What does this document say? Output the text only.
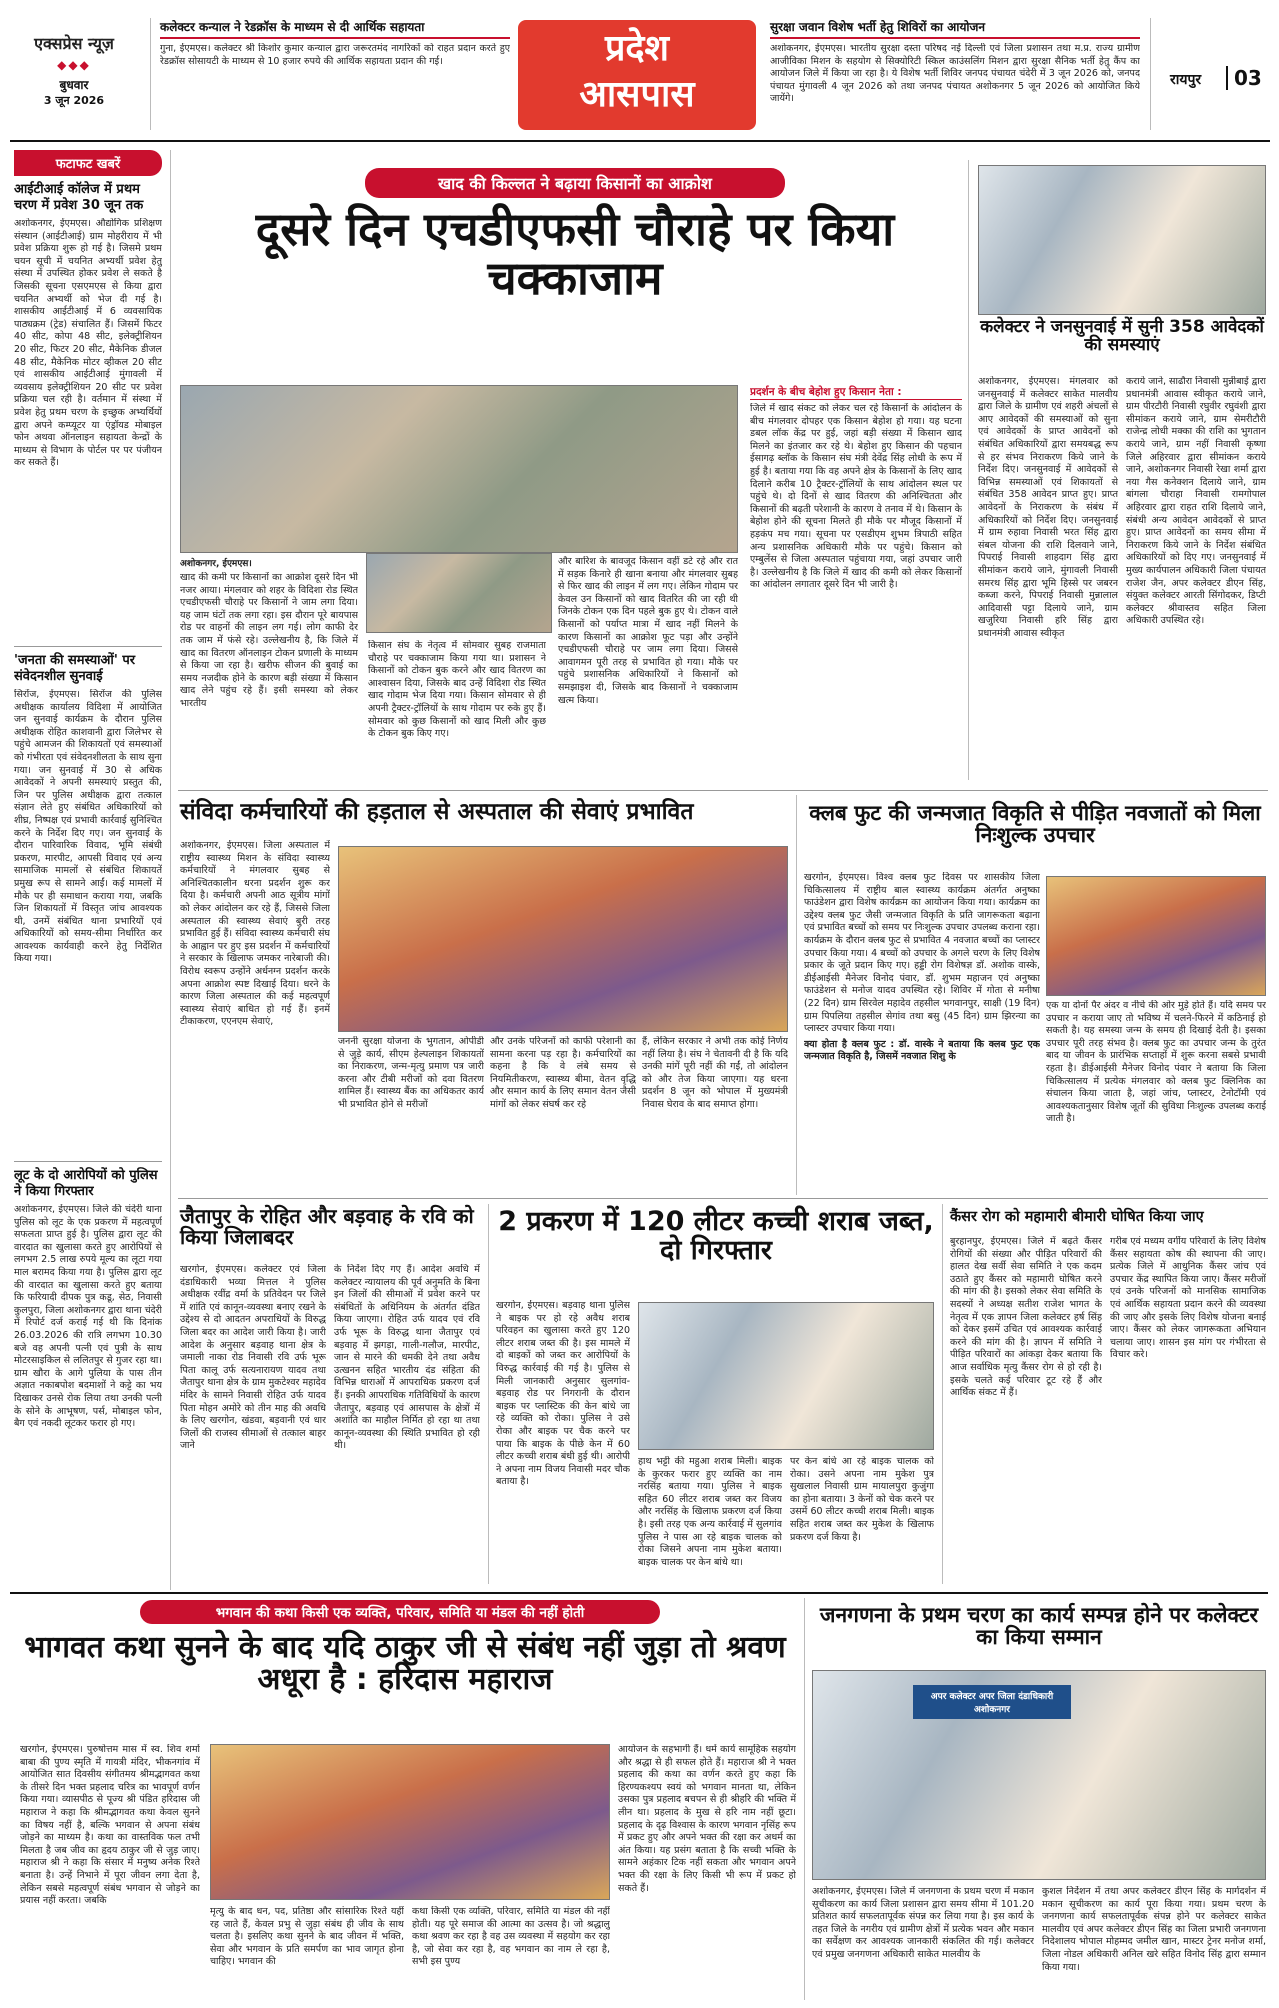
एक्सप्रेस न्यूज़
◆◆◆
बुधवार
3 जून 2026
कलेक्टर कन्याल ने रेडक्रॉस के माध्यम से दी आर्थिक सहायता
गुना, ईएमएस। कलेक्टर श्री किशोर कुमार कन्याल द्वारा जरूरतमंद नागरिकों को राहत प्रदान करते हुए रेडक्रॉस सोसायटी के माध्यम से 10 हजार रुपये की आर्थिक सहायता प्रदान की गई।	प्रदेश
आसपास
सुरक्षा जवान विशेष भर्ती हेतु शिविरों का आयोजन
अशोकनगर, ईएमएस। भारतीय सुरक्षा दस्ता परिषद नई दिल्ली एवं जिला प्रशासन तथा म.प्र. राज्य ग्रामीण आजीविका मिशन के सहयोग से सिक्योरिटी स्किल काउंसलिंग मिशन द्वारा सुरक्षा सैनिक भर्ती हेतु कैंप का आयोजन जिले में किया जा रहा है। ये विशेष भर्ती शिविर जनपद पंचायत चंदेरी में 3 जून 2026 को, जनपद पंचायत मुंगावली 4 जून 2026 को तथा जनपद पंचायत अशोकनगर 5 जून 2026 को आयोजित किये जायेंगे।
रायपुर	03
फटाफट खबरें
आईटीआई कॉलेज में प्रथम चरण में प्रवेश 30 जून तक
अशोकनगर, ईएमएस। औद्योगिक प्रशिक्षण संस्थान (आईटीआई) ग्राम मोहरीराय में भी प्रवेश प्रक्रिया शुरू हो गई है। जिसमे प्रथम चयन सूची में चयनित अभ्यर्थी प्रवेश हेतु संस्था में उपस्थित होकर प्रवेश ले सकते है जिसकी सूचना एसएमएस से किया द्वारा चयनित अभ्यर्थी को भेज दी गई है। शासकीय आईटीआई में 6 व्यवसायिक पाठ्यक्रम (ट्रेड) संचालित हैं। जिसमें फिटर 40 सीट, कोपा 48 सीट, इलेक्ट्रीशियन 20 सीट, फिटर 20 सीट, मैकेनिक डीजल 48 सीट, मैकेनिक मोटर व्हीकल 20 सीट एवं शासकीय आईटीआई मुंगावली में व्यवसाय इलेक्ट्रीशियन 20 सीट पर प्रवेश प्रक्रिया चल रही है। वर्तमान में संस्था में प्रवेश हेतु प्रथम चरण के इच्छुक अभ्यर्थियों द्वारा अपने कम्प्यूटर या एंड्रॉयड मोबाइल फोन अथवा ऑनलाइन सहायता केन्द्रों के माध्यम से विभाग के पोर्टल पर पर पंजीयन कर सकते हैं।
'जनता की समस्याओं' पर संवेदनशील सुनवाई
सिरोंज, ईएमएस। सिरोंज की पुलिस अधीक्षक कार्यालय विदिशा में आयोजित जन सुनवाई कार्यक्रम के दौरान पुलिस अधीक्षक रोहित काशवानी द्वारा जिलेभर से पहुंचे आमजन की शिकायतों एवं समस्याओं को गंभीरता एवं संवेदनशीलता के साथ सुना गया। जन सुनवाई में 30 से अधिक आवेदकों ने अपनी समस्याएं प्रस्तुत की, जिन पर पुलिस अधीक्षक द्वारा तत्काल संज्ञान लेते हुए संबंधित अधिकारियों को शीघ्र, निष्पक्ष एवं प्रभावी कार्रवाई सुनिश्चित करने के निर्देश दिए गए। जन सुनवाई के दौरान पारिवारिक विवाद, भूमि संबंधी प्रकरण, मारपीट, आपसी विवाद एवं अन्य सामाजिक मामलों से संबंधित शिकायतें प्रमुख रूप से सामने आईं। कई मामलों में मौके पर ही समाधान कराया गया, जबकि जिन शिकायतों में विस्तृत जांच आवश्यक थी, उनमें संबंधित थाना प्रभारियों एवं अधिकारियों को समय-सीमा निर्धारित कर आवश्यक कार्यवाही करने हेतु निर्देशित किया गया।
लूट के दो आरोपियों को पुलिस ने किया गिरफ्तार
अशोकनगर, ईएमएस। जिले की चंदेरी थाना पुलिस को लूट के एक प्रकरण में महत्वपूर्ण सफलता प्राप्त हुई है। पुलिस द्वारा लूट की वारदात का खुलासा करते हुए आरोपियों से लगभग 2.5 लाख रुपये मूल्य का लूटा गया माल बरामद किया गया है। पुलिस द्वारा लूट की वारदात का खुलासा करते हुए बताया कि फरियादी दीपक पुत्र कडू, सेठ, निवासी कुलपुरा, जिला अशोकनगर द्वारा थाना चंदेरी में रिपोर्ट दर्ज कराई गई थी कि दिनांक 26.03.2026 की रात्रि लगभग 10.30 बजे वह अपनी पत्नी एवं पुत्री के साथ मोटरसाइकिल से ललितपुर से गुजर रहा था। ग्राम खौरा के आगे पुलिया के पास तीन अज्ञात नकाबपोश बदमाशों ने कट्टे का भय दिखाकर उनसे रोक लिया तथा उनकी पत्नी के सोने के आभूषण, पर्स, मोबाइल फोन, बैग एवं नकदी लूटकर फरार हो गए।
खाद की किल्लत ने बढ़ाया किसानों का आक्रोश
दूसरे दिन एचडीएफसी चौराहे पर किया चक्काजाम
अशोकनगर, ईएमएस।
प्रदर्शन के बीच बेहोश हुए किसान नेता :
जिले में खाद संकट को लेकर चल रहे किसानों के आंदोलन के बीच मंगलवार दोपहर एक किसान बेहोश हो गया। यह घटना डबल लॉक केंद्र पर हुई, जहां बड़ी संख्या में किसान खाद मिलने का इंतजार कर रहे थे। बेहोश हुए किसान की पहचान ईसागढ़ ब्लॉक के किसान संघ मंत्री देवेंद्र सिंह लोधी के रूप में हुई है। बताया गया कि वह अपने क्षेत्र के किसानों के लिए खाद दिलाने करीब 10 ट्रैक्टर-ट्रॉलियों के साथ आंदोलन स्थल पर पहुंचे थे। दो दिनों से खाद वितरण की अनिश्चितता और किसानों की बढ़ती परेशानी के कारण वे तनाव में थे। किसान के बेहोश होने की सूचना मिलते ही मौके पर मौजूद किसानों में हड़कंप मच गया। सूचना पर एसडीएम शुभम त्रिपाठी सहित अन्य प्रशासनिक अधिकारी मौके पर पहुंचे। किसान को एम्बुलेंस से जिला अस्पताल पहुंचाया गया, जहां उपचार जारी है। उल्लेखनीय है कि जिले में खाद की कमी को लेकर किसानों का आंदोलन लगातार दूसरे दिन भी जारी है।
खाद की कमी पर किसानों का आक्रोश दूसरे दिन भी नजर आया। मंगलवार को शहर के विदिशा रोड स्थित एचडीएफसी चौराहे पर किसानों ने जाम लगा दिया। यह जाम घंटों तक लगा रहा। इस दौरान पूरे बायपास रोड पर वाहनों की लाइन लग गई। लोग काफी देर तक जाम में फंसे रहे। उल्लेखनीय है, कि जिले में खाद का वितरण ऑनलाइन टोकन प्रणाली के माध्यम से किया जा रहा है। खरीफ सीजन की बुवाई का समय नजदीक होने के कारण बड़ी संख्या में किसान खाद लेने पहुंच रहे हैं। इसी समस्या को लेकर भारतीय
किसान संघ के नेतृत्व में सोमवार सुबह राजमाता चौराहे पर चक्काजाम किया गया था। प्रशासन ने किसानों को टोकन बुक करने और खाद वितरण का आश्वासन दिया, जिसके बाद उन्हें विदिशा रोड स्थित खाद गोदाम भेज दिया गया। किसान सोमवार से ही अपनी ट्रैक्टर-ट्रॉलियों के साथ गोदाम पर रुके हुए हैं। सोमवार को कुछ किसानों को खाद मिली और कुछ के टोकन बुक किए गए।
और बारिश के बावजूद किसान वहीं डटे रहे और रात में सड़क किनारे ही खाना बनाया और मंगलवार सुबह से फिर खाद की लाइन में लग गए। लेकिन गोदाम पर केवल उन किसानों को खाद वितरित की जा रही थी जिनके टोकन एक दिन पहले बुक हुए थे। टोकन वाले किसानों को पर्याप्त मात्रा में खाद नहीं मिलने के कारण किसानों का आक्रोश फूट पड़ा और उन्होंने एचडीएफसी चौराहे पर जाम लगा दिया। जिससे आवागमन पूरी तरह से प्रभावित हो गया। मौके पर पहुंचे प्रशासनिक अधिकारियों ने किसानों को समझाइश दी, जिसके बाद किसानों ने चक्काजाम खत्म किया।
कलेक्टर ने जनसुनवाई में सुनी 358 आवेदकों की समस्याएं
अशोकनगर, ईएमएस। मंगलवार को जनसुनवाई में कलेक्टर साकेत मालवीय द्वारा जिले के ग्रामीण एवं शहरी अंचलों से आए आवेदकों की समस्याओं को सुना एवं आवेदकों के प्राप्त आवेदनों को संबंधित अधिकारियों द्वारा समयबद्ध रूप से हर संभव निराकरण किये जाने के निर्देश दिए। जनसुनवाई में आवेदकों से विभिन्न समस्याओं एवं शिकायतों से संबंधित 358 आवेदन प्राप्त हुए। प्राप्त आवेदनों के निराकरण के संबंध में अधिकारियों को निर्देश दिए। जनसुनवाई में ग्राम रुहावा निवासी भरत सिंह द्वारा संबल योजना की राशि दिलवाने जाने, पिपराई निवासी शाहदाग सिंह द्वारा सीमांकन कराये जाने, मुंगावली निवासी समरथ सिंह द्वारा भूमि हिस्से पर जबरन कब्जा करने, पिपराई निवासी मुन्नालाल आदिवासी पट्टा दिलाये जाने, ग्राम खजुरिया निवासी हरि सिंह द्वारा प्रधानमंत्री आवास स्वीकृत
कराये जाने, साढौरा निवासी मुन्नीबाई द्वारा प्रधानमंत्री आवास स्वीकृत कराये जाने, ग्राम पीरटौरी निवासी रघुवीर रघुवंशी द्वारा सीमांकन कराये जाने, ग्राम सेमरीटौरी राजेन्द्र लोधी मक्का की राशि का भुगतान कराये जाने, ग्राम नहीं निवासी कृष्णा जिले अहिरवार द्वारा सीमांकन कराये जाने, अशोकनगर निवासी रेखा शर्मा द्वारा नया गैस कनेक्शन दिलाये जाने, ग्राम बांगला चौराहा निवासी रामगोपाल अहिरवार द्वारा राहत राशि दिलाये जाने, संबंधी अन्य आवेदन आवेदकों से प्राप्त हुए। प्राप्त आवेदनों का समय सीमा में निराकरण किये जाने के निर्देश संबंधित अधिकारियों को दिए गए। जनसुनवाई में मुख्य कार्यपालन अधिकारी जिला पंचायत राजेश जैन, अपर कलेक्टर डीएन सिंह, संयुक्त कलेक्टर आरती सिंगोदकर, डिप्टी कलेक्टर श्रीवास्तव सहित जिला अधिकारी उपस्थित रहे।
संविदा कर्मचारियों की हड़ताल से अस्पताल की सेवाएं प्रभावित
अशोकनगर, ईएमएस। जिला अस्पताल में राष्ट्रीय स्वास्थ्य मिशन के संविदा स्वास्थ्य कर्मचारियों ने मंगलवार सुबह से अनिश्चितकालीन धरना प्रदर्शन शुरू कर दिया है। कर्मचारी अपनी आठ सूत्रीय मांगों को लेकर आंदोलन कर रहे हैं, जिससे जिला अस्पताल की स्वास्थ्य सेवाएं बुरी तरह प्रभावित हुई हैं। संविदा स्वास्थ्य कर्मचारी संघ के आह्वान पर हुए इस प्रदर्शन में कर्मचारियों ने सरकार के खिलाफ जमकर नारेबाजी की। विरोध स्वरूप उन्होंने अर्धनग्न प्रदर्शन करके अपना आक्रोश स्पष्ट दिखाई दिया। धरने के कारण जिला अस्पताल की कई महत्वपूर्ण स्वास्थ्य सेवाएं बाधित हो गई हैं। इनमें टीकाकरण, एएनएम सेवाएं,
जननी सुरक्षा योजना के भुगतान, ओपीडी से जुड़े कार्य, सीएम हेल्पलाइन शिकायतों का निराकरण, जन्म-मृत्यु प्रमाण पत्र जारी करना और टीबी मरीजों को दवा वितरण शामिल हैं। स्वास्थ्य बैंक का अधिकतर कार्य भी प्रभावित होने से मरीजों
और उनके परिजनों को काफी परेशानी का सामना करना पड़ रहा है। कर्मचारियों का कहना है कि वे लंबे समय से नियमितीकरण, स्वास्थ्य बीमा, वेतन वृद्धि और समान कार्य के लिए समान वेतन जैसी मांगों को लेकर संघर्ष कर रहे
हैं, लेकिन सरकार ने अभी तक कोई निर्णय नहीं लिया है। संघ ने चेतावनी दी है कि यदि उनकी मांगें पूरी नहीं की गईं, तो आंदोलन को और तेज किया जाएगा। यह धरना प्रदर्शन 8 जून को भोपाल में मुख्यमंत्री निवास घेराव के बाद समाप्त होगा।
क्लब फुट की जन्मजात विकृति से पीड़ित नवजातों को मिला निःशुल्क उपचार
खरगोन, ईएमएस। विश्व क्लब फुट दिवस पर शासकीय जिला चिकित्सालय में राष्ट्रीय बाल स्वास्थ्य कार्यक्रम अंतर्गत अनुष्का फाउंडेशन द्वारा विशेष कार्यक्रम का आयोजन किया गया। कार्यक्रम का उद्देश्य क्लब फुट जैसी जन्मजात विकृति के प्रति जागरूकता बढ़ाना एवं प्रभावित बच्चों को समय पर निःशुल्क उपचार उपलब्ध कराना रहा। कार्यक्रम के दौरान क्लब फुट से प्रभावित 4 नवजात बच्चों का प्लास्टर उपचार किया गया। 4 बच्चों को उपचार के अगले चरण के लिए विशेष प्रकार के जूते प्रदान किए गए। हड्डी रोग विशेषज्ञ डॉ. अशोक वास्के, डीईआईसी मैनेजर विनोद पंवार, डॉ. शुभम महाजन एवं अनुष्का फाउंडेशन से मनोज यादव उपस्थित रहे। शिविर में गोता से मनीषा (22 दिन) ग्राम सिरवेल महादेव तहसील भगवानपुर, साक्षी (19 दिन) ग्राम पिपलिया तहसील सेगांव तथा बसु (45 दिन) ग्राम झिरन्या का प्लास्टर उपचार किया गया।
क्या होता है क्लब फुट : डॉ. वास्के ने बताया कि क्लब फुट एक जन्मजात विकृति है, जिसमें नवजात शिशु के
एक या दोनों पैर अंदर व नीचे की ओर मुड़े होते हैं। यदि समय पर उपचार न कराया जाए तो भविष्य में चलने-फिरने में कठिनाई हो सकती है। यह समस्या जन्म के समय ही दिखाई देती है। इसका उपचार पूरी तरह संभव है। क्लब फुट का उपचार जन्म के तुरंत बाद या जीवन के प्रारंभिक सप्ताहों में शुरू करना सबसे प्रभावी रहता है। डीईआईसी मैनेजर विनोद पंवार ने बताया कि जिला चिकित्सालय में प्रत्येक मंगलवार को क्लब फुट क्लिनिक का संचालन किया जाता है, जहां जांच, प्लास्टर, टेनोटॉमी एवं आवश्यकतानुसार विशेष जूतों की सुविधा निःशुल्क उपलब्ध कराई जाती है।
जैतापुर के रोहित और बड़वाह के रवि को किया जिलाबदर
खरगोन, ईएमएस। कलेक्टर एवं जिला दंडाधिकारी भव्या मित्तल ने पुलिस अधीक्षक रवींद्र वर्मा के प्रतिवेदन पर जिले में शांति एवं कानून-व्यवस्था बनाए रखने के उद्देश्य से दो आदतन अपराधियों के विरुद्ध जिला बदर का आदेश जारी किया है। जारी आदेश के अनुसार बड़वाह थाना क्षेत्र के जमाली नाका रोड निवासी रवि उर्फ भूरू पिता कालू उर्फ सत्यनारायण यादव तथा जैतापुर थाना क्षेत्र के ग्राम मुकटेश्वर महादेव मंदिर के सामने निवासी रोहित उर्फ यादव पिता मोहन अमोरे को तीन माह की अवधि के लिए खरगोन, खंडवा, बड़वानी एवं धार जिलों की राजस्व सीमाओं से तत्काल बाहर जाने
के निर्देश दिए गए हैं। आदेश अवधि में कलेक्टर न्यायालय की पूर्व अनुमति के बिना इन जिलों की सीमाओं में प्रवेश करने पर संबंधितों के अधिनियम के अंतर्गत दंडित किया जाएगा। रोहित उर्फ यादव एवं रवि उर्फ भूरू के विरुद्ध थाना जैतापुर एवं बड़वाह में झगड़ा, गाली-गलौज, मारपीट, जान से मारने की धमकी देने तथा अवैध उत्खनन सहित भारतीय दंड संहिता की विभिन्न धाराओं में आपराधिक प्रकरण दर्ज हैं। इनकी आपराधिक गतिविधियों के कारण जैतापुर, बड़वाह एवं आसपास के क्षेत्रों में अशांति का माहौल निर्मित हो रहा था तथा कानून-व्यवस्था की स्थिति प्रभावित हो रही थी।
2 प्रकरण में 120 लीटर कच्ची शराब जब्त, दो गिरफ्तार
खरगोन, ईएमएस। बड़वाह थाना पुलिस ने बाइक पर हो रहे अवैध शराब परिवहन का खुलासा करते हुए 120 लीटर शराब जब्त की है। इस मामले में दो बाइकों को जब्त कर आरोपियों के विरुद्ध कार्रवाई की गई है। पुलिस से मिली जानकारी अनुसार सुलगांव-बड़वाह रोड पर निगरानी के दौरान बाइक पर प्लास्टिक की केन बांधे जा रहे व्यक्ति को रोका। पुलिस ने उसे रोका और बाइक पर चैक करने पर पाया कि बाइक के पीछे केन में 60 लीटर कच्ची शराब बंधी हुई थी। आरोपी ने अपना नाम विजय निवासी मदर चौक बताया है।
हाथ भट्टी की महुआ शराब मिली। बाइक के कुरकर फरार हुए व्यक्ति का नाम नरसिंह बताया गया। पुलिस ने बाइक सहित 60 लीटर शराब जब्त कर विजय और नरसिंह के खिलाफ प्रकरण दर्ज किया है। इसी तरह एक अन्य कार्रवाई में सुलगांव पुलिस ने पास आ रहे बाइक चालक को रोका जिसने अपना नाम मुकेश बताया। बाइक चालक पर केन बांधे था।
पर केन बांधे आ रहे बाइक चालक को रोका। उसने अपना नाम मुकेश पुत्र सुखलाल निवासी ग्राम मायालपुरा कुजुंगा का होना बताया। 3 केनों को चेक करने पर उसमें 60 लीटर कच्ची शराब मिली। बाइक सहित शराब जब्त कर मुकेश के खिलाफ प्रकरण दर्ज किया है।
कैंसर रोग को महामारी बीमारी घोषित किया जाए
बुरहानपुर, ईएमएस। जिले में बढ़ते कैंसर रोगियों की संख्या और पीड़ित परिवारों की हालत देख सर्वी सेवा समिति ने एक कदम उठाते हुए कैंसर को महामारी घोषित करने की मांग की है। इसको लेकर सेवा समिति के सदस्यों ने अध्यक्ष सतीश राजेश भागत के नेतृत्व में एक ज्ञापन जिला कलेक्टर हर्ष सिंह को देकर इसमें उचित एवं आवश्यक कार्रवाई करने की मांग की है। ज्ञापन में समिति ने पीड़ित परिवारों का आंकड़ा देकर बताया कि आज सर्वाधिक मृत्यु कैंसर रोग से हो रही है। इसके चलते कई परिवार टूट रहे हैं और आर्थिक संकट में हैं।
गरीब एवं मध्यम वर्गीय परिवारों के लिए विशेष कैंसर सहायता कोष की स्थापना की जाए। प्रत्येक जिले में आधुनिक कैंसर जांच एवं उपचार केंद्र स्थापित किया जाए। कैंसर मरीजों एवं उनके परिजनों को मानसिक सामाजिक एवं आर्थिक सहायता प्रदान करने की व्यवस्था की जाए और इसके लिए विशेष योजना बनाई जाए। कैंसर को लेकर जागरूकता अभियान चलाया जाए। शासन इस मांग पर गंभीरता से विचार करे।
भगवान की कथा किसी एक व्यक्ति, परिवार, समिति या मंडल की नहीं होती
भागवत कथा सुनने के बाद यदि ठाकुर जी से संबंध नहीं जुड़ा तो श्रवण अधूरा है : हरिदास महाराज
खरगोन, ईएमएस। पुरुषोत्तम मास में स्व. शिव शर्मा बाबा की पुण्य स्मृति में गायत्री मंदिर, भीकनगांव में आयोजित सात दिवसीय संगीतमय श्रीमद्भागवत कथा के तीसरे दिन भक्त प्रहलाद चरित्र का भावपूर्ण वर्णन किया गया। व्यासपीठ से पूज्य श्री पंडित हरिदास जी महाराज ने कहा कि श्रीमद्भागवत कथा केवल सुनने का विषय नहीं है, बल्कि भगवान से अपना संबंध जोड़ने का माध्यम है। कथा का वास्तविक फल तभी मिलता है जब जीव का हृदय ठाकुर जी से जुड़ जाए। महाराज श्री ने कहा कि संसार में मनुष्य अनेक रिश्ते बनाता है। उन्हें निभाने में पूरा जीवन लगा देता है, लेकिन सबसे महत्वपूर्ण संबंध भगवान से जोड़ने का प्रयास नहीं करता। जबकि
मृत्यु के बाद धन, पद, प्रतिष्ठा और सांसारिक रिश्ते यहीं रह जाते हैं, केवल प्रभु से जुड़ा संबंध ही जीव के साथ चलता है। इसलिए कथा सुनने के बाद जीवन में भक्ति, सेवा और भगवान के प्रति समर्पण का भाव जागृत होना चाहिए। भगवान की
कथा किसी एक व्यक्ति, परिवार, समिति या मंडल की नहीं होती। यह पूरे समाज की आत्मा का उत्सव है। जो श्रद्धालु कथा श्रवण कर रहा है वह उस व्यवस्था में सहयोग कर रहा है, जो सेवा कर रहा है, वह भगवान का नाम ले रहा है, सभी इस पुण्य
आयोजन के सहभागी हैं। धर्म कार्य सामूहिक सहयोग और श्रद्धा से ही सफल होते हैं। महाराज श्री ने भक्त प्रहलाद की कथा का वर्णन करते हुए कहा कि हिरण्यकश्यप स्वयं को भगवान मानता था, लेकिन उसका पुत्र प्रहलाद बचपन से ही श्रीहरि की भक्ति में लीन था। प्रहलाद के मुख से हरि नाम नहीं छूटा। प्रहलाद के दृढ़ विश्वास के कारण भगवान नृसिंह रूप में प्रकट हुए और अपने भक्त की रक्षा कर अधर्म का अंत किया। यह प्रसंग बताता है कि सच्ची भक्ति के सामने अहंकार टिक नहीं सकता और भगवान अपने भक्त की रक्षा के लिए किसी भी रूप में प्रकट हो सकते हैं।
जनगणना के प्रथम चरण का कार्य सम्पन्न होने पर कलेक्टर का किया सम्मान
अपर कलेक्टर अपर जिला दंडाधिकारी अशोकनगर
अशोकनगर, ईएमएस। जिले में जनगणना के प्रथम चरण में मकान सूचीकरण का कार्य जिला प्रशासन द्वारा समय सीमा में 101.20 प्रतिशत कार्य सफलतापूर्वक संपन्न कर लिया गया है। इस कार्य के तहत जिले के नगरीय एवं ग्रामीण क्षेत्रों में प्रत्येक भवन और मकान का सर्वेक्षण कर आवश्यक जानकारी संकलित की गई। कलेक्टर एवं प्रमुख जनगणना अधिकारी साकेत मालवीय के
कुशल निर्देशन में तथा अपर कलेक्टर डीएन सिंह के मार्गदर्शन में मकान सूचीकरण का कार्य पूरा किया गया। प्रथम चरण के जनगणना कार्य सफलतापूर्वक संपन्न होने पर कलेक्टर साकेत मालवीय एवं अपर कलेक्टर डीएन सिंह का जिला प्रभारी जनगणना निदेशालय भोपाल मोहम्मद जमील खान, मास्टर ट्रेनर मनोज शर्मा, जिला नोडल अधिकारी अनिल खरे सहित विनोद सिंह द्वारा सम्मान किया गया।
